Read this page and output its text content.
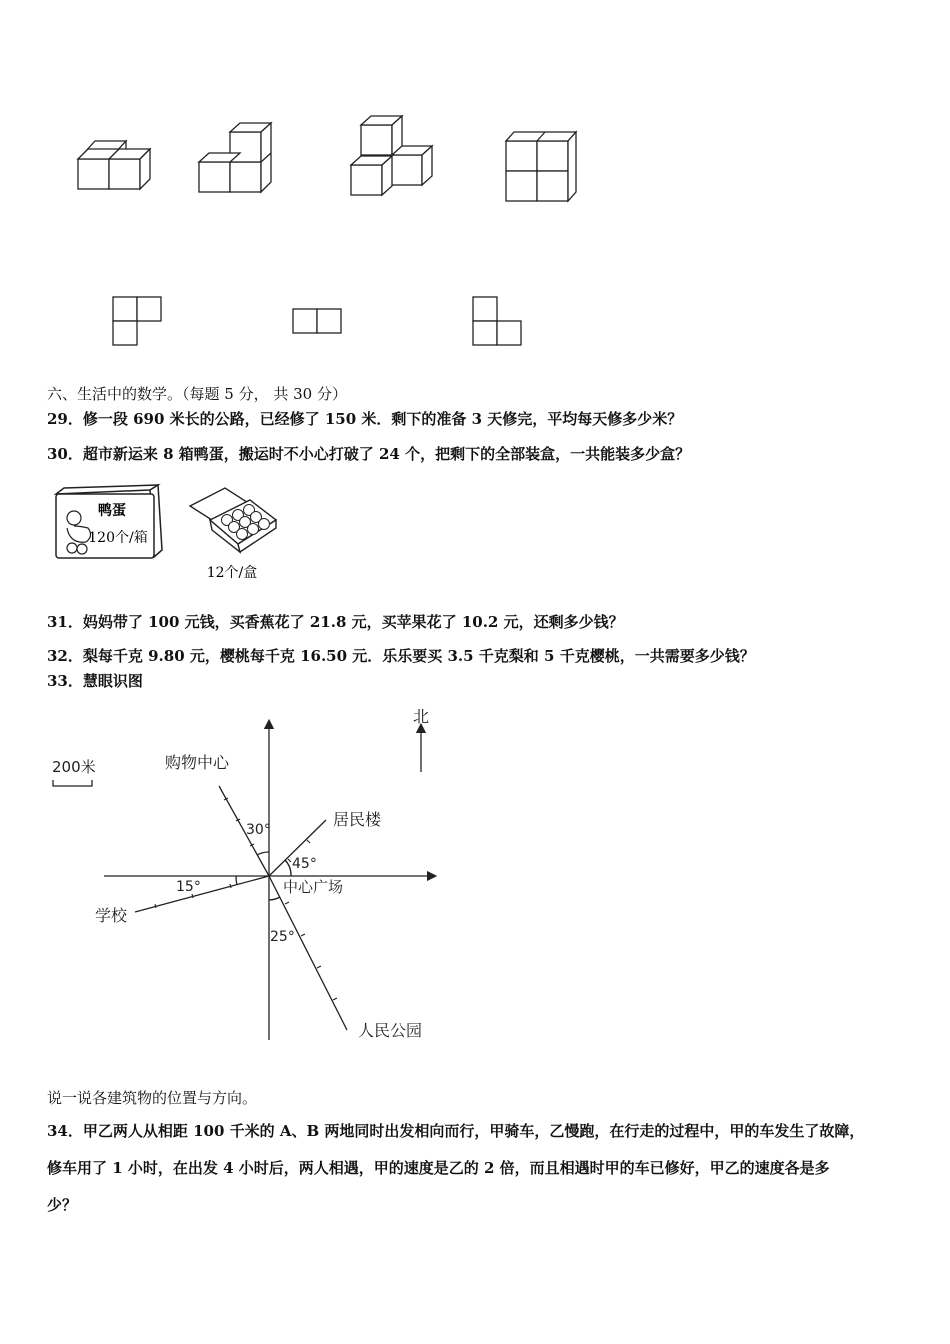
六、生活中的数学。（每题 5 分， 共 30 分）
29．修一段 690 米长的公路，已经修了 150 米．剩下的准备 3 天修完，平均每天修多少米？
30．超市新运来 8 箱鸭蛋，搬运时不小心打破了 24 个，把剩下的全部装盒，一共能装多少盒？
鸭蛋
120个/箱
12个/盒
31．妈妈带了 100 元钱，买香蕉花了 21.8 元，买苹果花了 10.2 元，还剩多少钱？
32．梨每千克 9.80 元，樱桃每千克 16.50 元．乐乐要买 3.5 千克梨和 5 千克樱桃，一共需要多少钱？
33．慧眼识图
北
200米	购物中心
居民楼
学校
人民公园
中心广场
30°
45°
15°
25°
说一说各建筑物的位置与方向。
34．甲乙两人从相距 100 千米的 A、B 两地同时出发相向而行，甲骑车，乙慢跑，在行走的过程中，甲的车发生了故障，
修车用了 1 小时，在出发 4 小时后，两人相遇，甲的速度是乙的 2 倍，而且相遇时甲的车已修好，甲乙的速度各是多
少？
